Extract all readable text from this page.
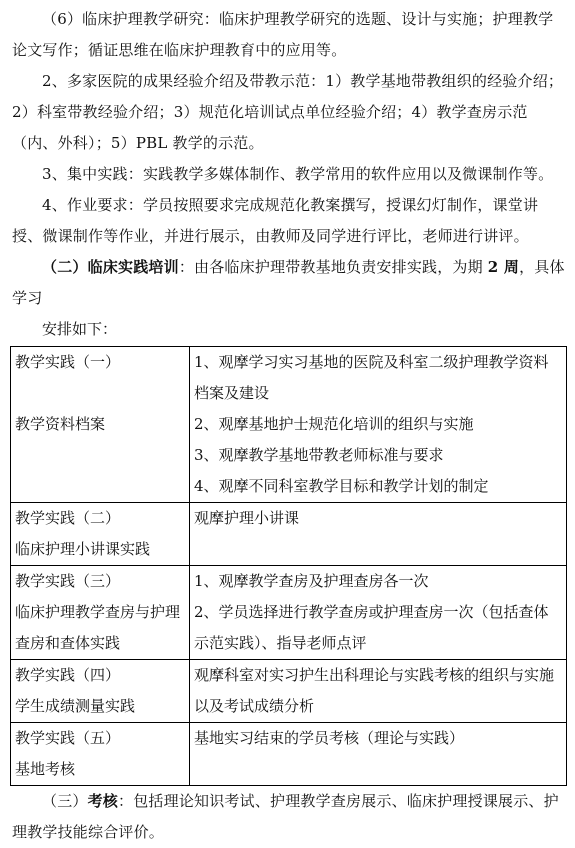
（6）临床护理教学研究：临床护理教学研究的选题、设计与实施；护理教学论文写作；循证思维在临床护理教育中的应用等。

2、多家医院的成果经验介绍及带教示范：1）教学基地带教组织的经验介绍；2）科室带教经验介绍；3）规范化培训试点单位经验介绍；4）教学查房示范（内、外科）；5）PBL 教学的示范。

3、集中实践：实践教学多媒体制作、教学常用的软件应用以及微课制作等。

4、作业要求：学员按照要求完成规范化教案撰写，授课幻灯制作，课堂讲授、微课制作等作业，并进行展示，由教师及同学进行评比，老师进行讲评。

（二）临床实践培训：由各临床护理带教基地负责安排实践，为期 2 周，具体学习

安排如下：
教学实践（一）
教学资料档案	1、观摩学习实习基地的医院及科室二级护理教学资料档案及建设
2、观摩基地护士规范化培训的组织与实施
3、观摩教学基地带教老师标准与要求
4、观摩不同科室教学目标和教学计划的制定

教学实践（二）
临床护理小讲课实践	观摩护理小讲课

教学实践（三）
临床护理教学查房与护理查房和查体实践	1、观摩教学查房及护理查房各一次
2、学员选择进行教学查房或护理查房一次（包括查体示范实践）、指导老师点评

教学实践（四）
学生成绩测量实践	观摩科室对实习护生出科理论与实践考核的组织与实施以及考试成绩分析

教学实践（五）
基地考核	基地实习结束的学员考核（理论与实践）

（三）考核：包括理论知识考试、护理教学查房展示、临床护理授课展示、护理教学技能综合评价。
